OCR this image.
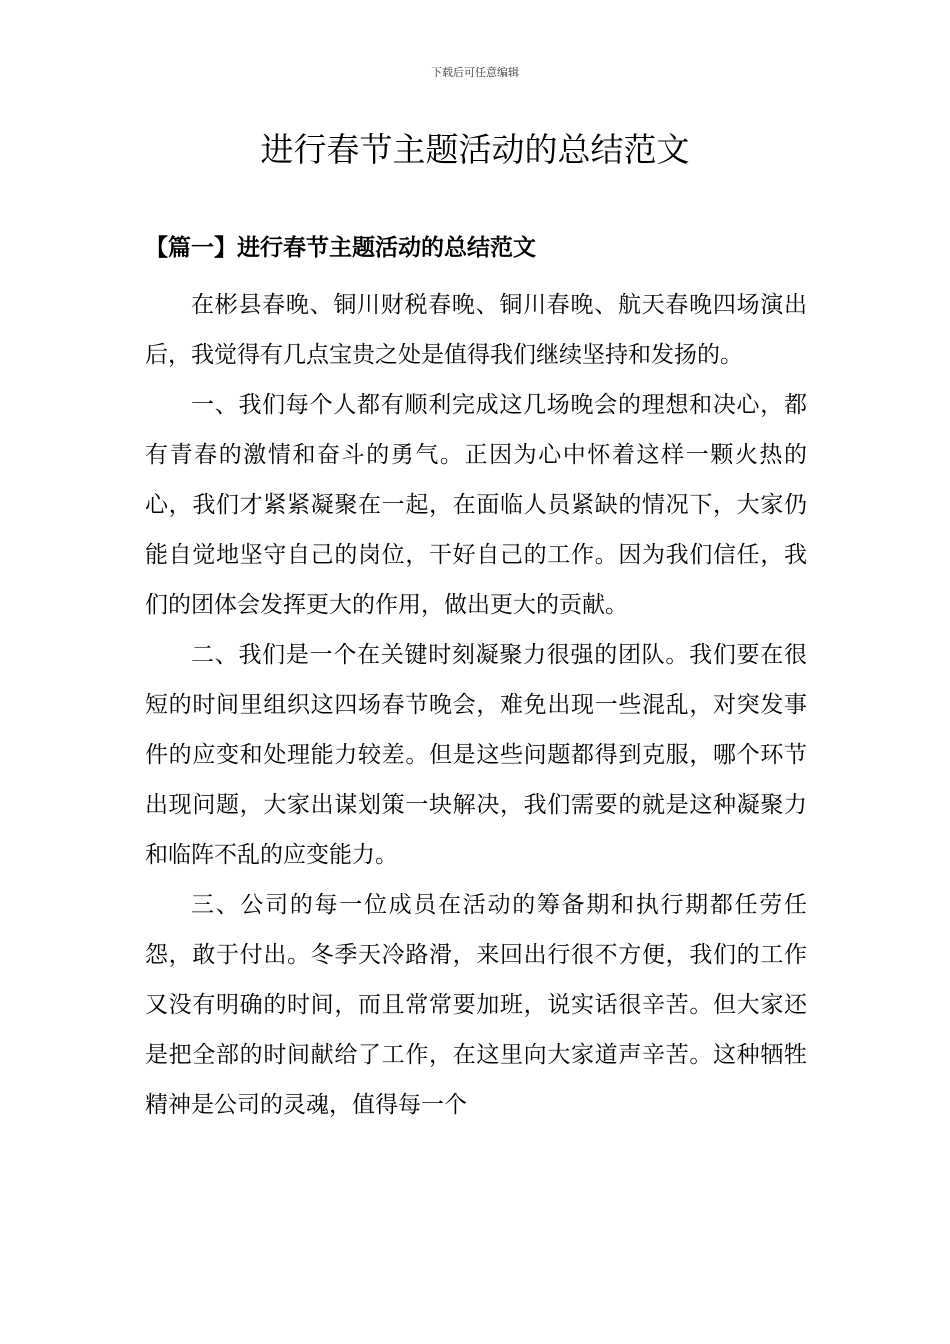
下载后可任意编辑
进行春节主题活动的总结范文
【篇一】进行春节主题活动的总结范文

在彬县春晚、铜川财税春晚、铜川春晚、航天春晚四场演出后，我觉得有几点宝贵之处是值得我们继续坚持和发扬的。

一、我们每个人都有顺利完成这几场晚会的理想和决心，都有青春的激情和奋斗的勇气。正因为心中怀着这样一颗火热的心，我们才紧紧凝聚在一起，在面临人员紧缺的情况下，大家仍能自觉地坚守自己的岗位，干好自己的工作。因为我们信任，我们的团体会发挥更大的作用，做出更大的贡献。

二、我们是一个在关键时刻凝聚力很强的团队。我们要在很短的时间里组织这四场春节晚会，难免出现一些混乱，对突发事件的应变和处理能力较差。但是这些问题都得到克服，哪个环节出现问题，大家出谋划策一块解决，我们需要的就是这种凝聚力和临阵不乱的应变能力。

三、公司的每一位成员在活动的筹备期和执行期都任劳任怨，敢于付出。冬季天冷路滑，来回出行很不方便，我们的工作又没有明确的时间，而且常常要加班，说实话很辛苦。但大家还是把全部的时间献给了工作，在这里向大家道声辛苦。这种牺牲精神是公司的灵魂，值得每一个
